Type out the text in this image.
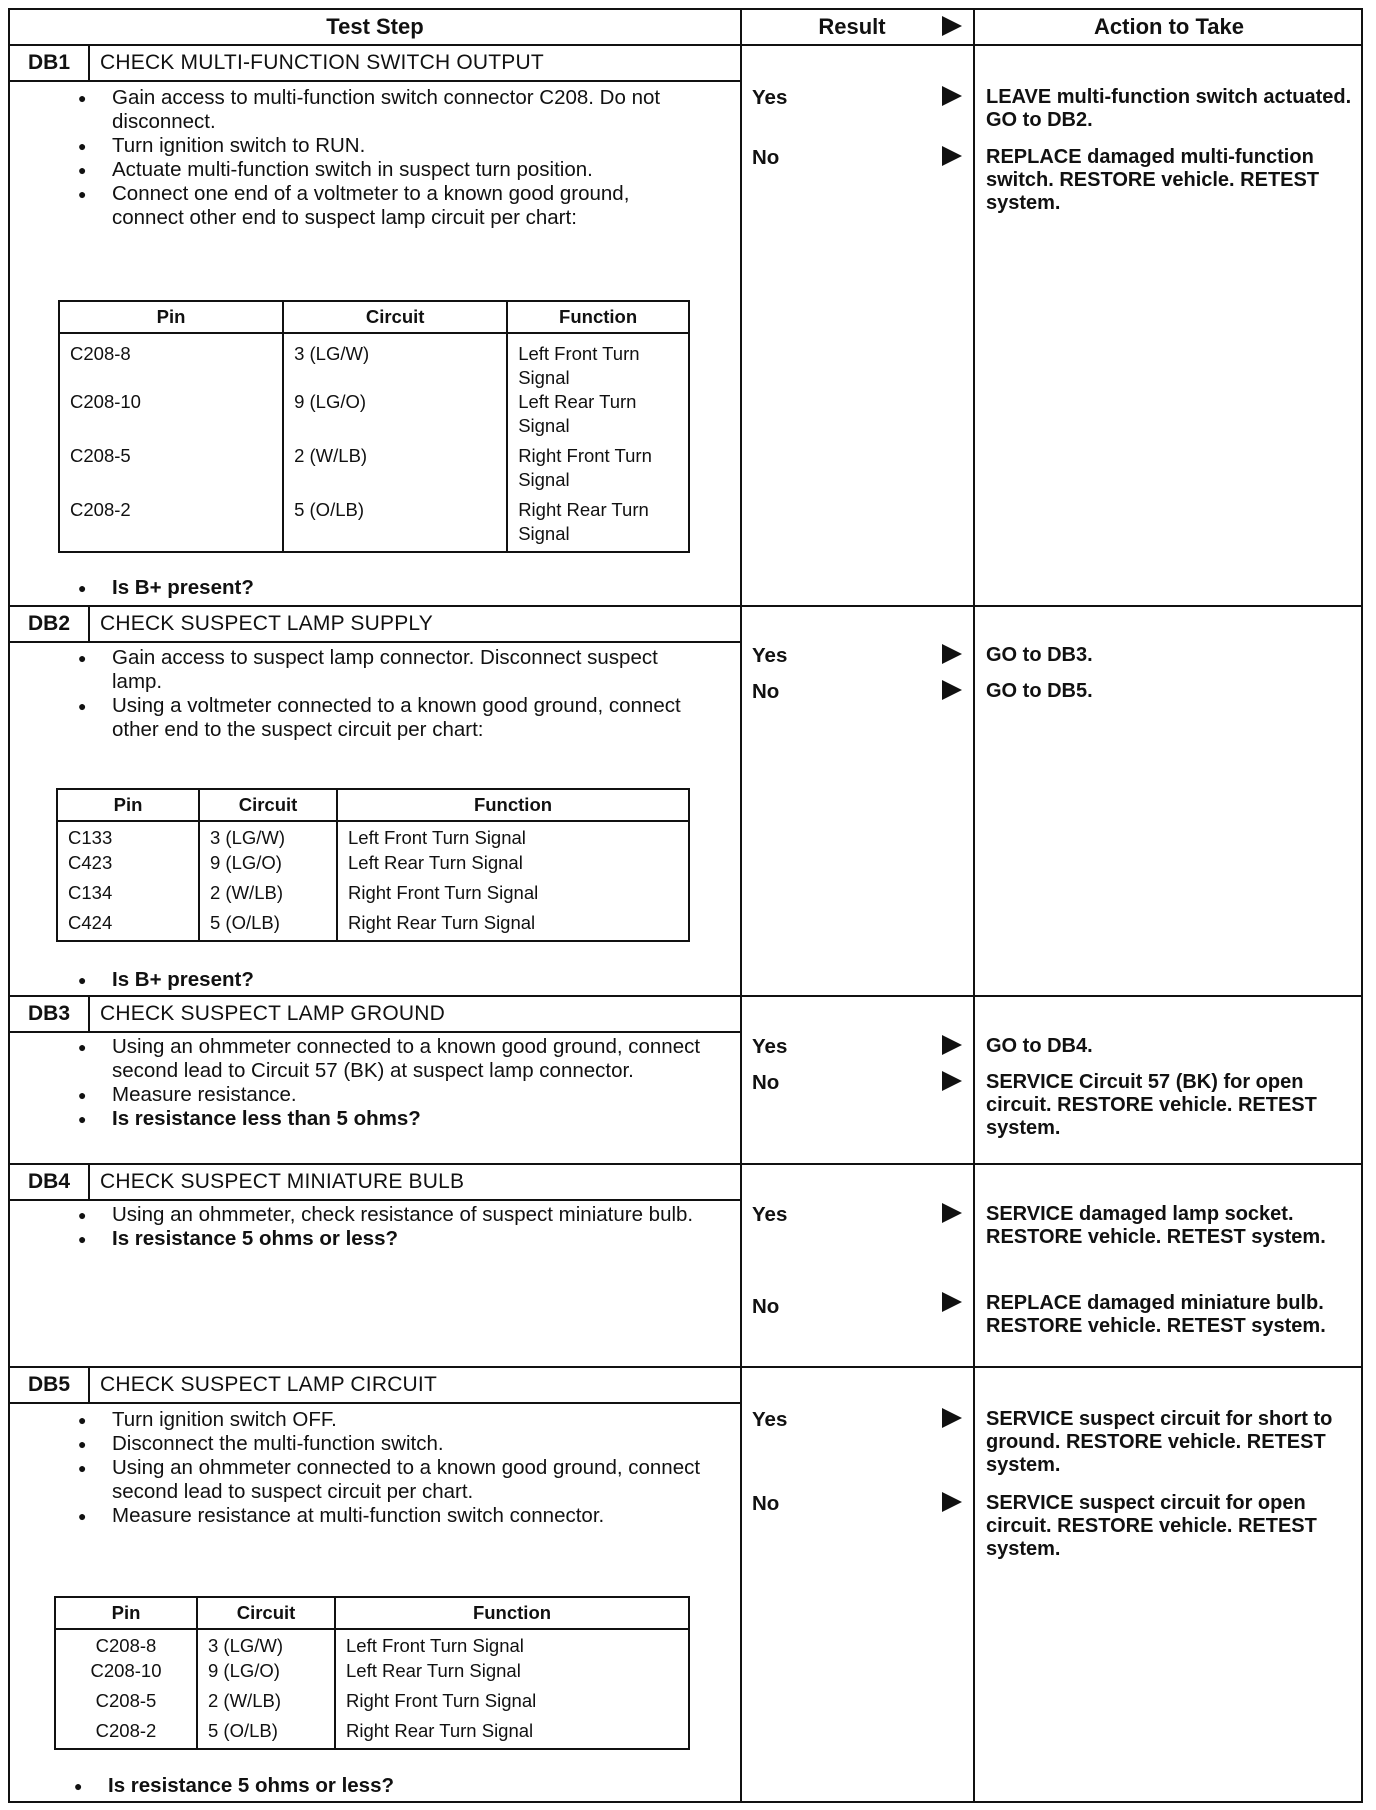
Test Step	Result	Action to Take
DB1	CHECK MULTI-FUNCTION SWITCH OUTPUT
● Gain access to multi-function switch connector C208. Do not disconnect.
● Turn ignition switch to RUN.
● Actuate multi-function switch in suspect turn position.
● Connect one end of a voltmeter to a known good ground, connect other end to suspect lamp circuit per chart:
Pin	Circuit	Function
C208-8	3 (LG/W)	Left Front Turn Signal
C208-10	9 (LG/O)	Left Rear Turn Signal
C208-5	2 (W/LB)	Right Front Turn Signal
C208-2	5 (O/LB)	Right Rear Turn Signal
● Is B+ present?
Yes	LEAVE multi-function switch actuated. GO to DB2.
No	REPLACE damaged multi-function switch. RESTORE vehicle. RETEST system.
DB2	CHECK SUSPECT LAMP SUPPLY
● Gain access to suspect lamp connector. Disconnect suspect lamp.
● Using a voltmeter connected to a known good ground, connect other end to the suspect circuit per chart:
Pin	Circuit	Function
C133	3 (LG/W)	Left Front Turn Signal
C423	9 (LG/O)	Left Rear Turn Signal
C134	2 (W/LB)	Right Front Turn Signal
C424	5 (O/LB)	Right Rear Turn Signal
● Is B+ present?
Yes	GO to DB3.
No	GO to DB5.
DB3	CHECK SUSPECT LAMP GROUND
● Using an ohmmeter connected to a known good ground, connect second lead to Circuit 57 (BK) at suspect lamp connector.
● Measure resistance.
● Is resistance less than 5 ohms?
Yes	GO to DB4.
No	SERVICE Circuit 57 (BK) for open circuit. RESTORE vehicle. RETEST system.
DB4	CHECK SUSPECT MINIATURE BULB
● Using an ohmmeter, check resistance of suspect miniature bulb.
● Is resistance 5 ohms or less?
Yes	SERVICE damaged lamp socket. RESTORE vehicle. RETEST system.
No	REPLACE damaged miniature bulb. RESTORE vehicle. RETEST system.
DB5	CHECK SUSPECT LAMP CIRCUIT
● Turn ignition switch OFF.
● Disconnect the multi-function switch.
● Using an ohmmeter connected to a known good ground, connect second lead to suspect circuit per chart.
● Measure resistance at multi-function switch connector.
Pin	Circuit	Function
C208-8	3 (LG/W)	Left Front Turn Signal
C208-10	9 (LG/O)	Left Rear Turn Signal
C208-5	2 (W/LB)	Right Front Turn Signal
C208-2	5 (O/LB)	Right Rear Turn Signal
● Is resistance 5 ohms or less?
Yes	SERVICE suspect circuit for short to ground. RESTORE vehicle. RETEST system.
No	SERVICE suspect circuit for open circuit. RESTORE vehicle. RETEST system.
